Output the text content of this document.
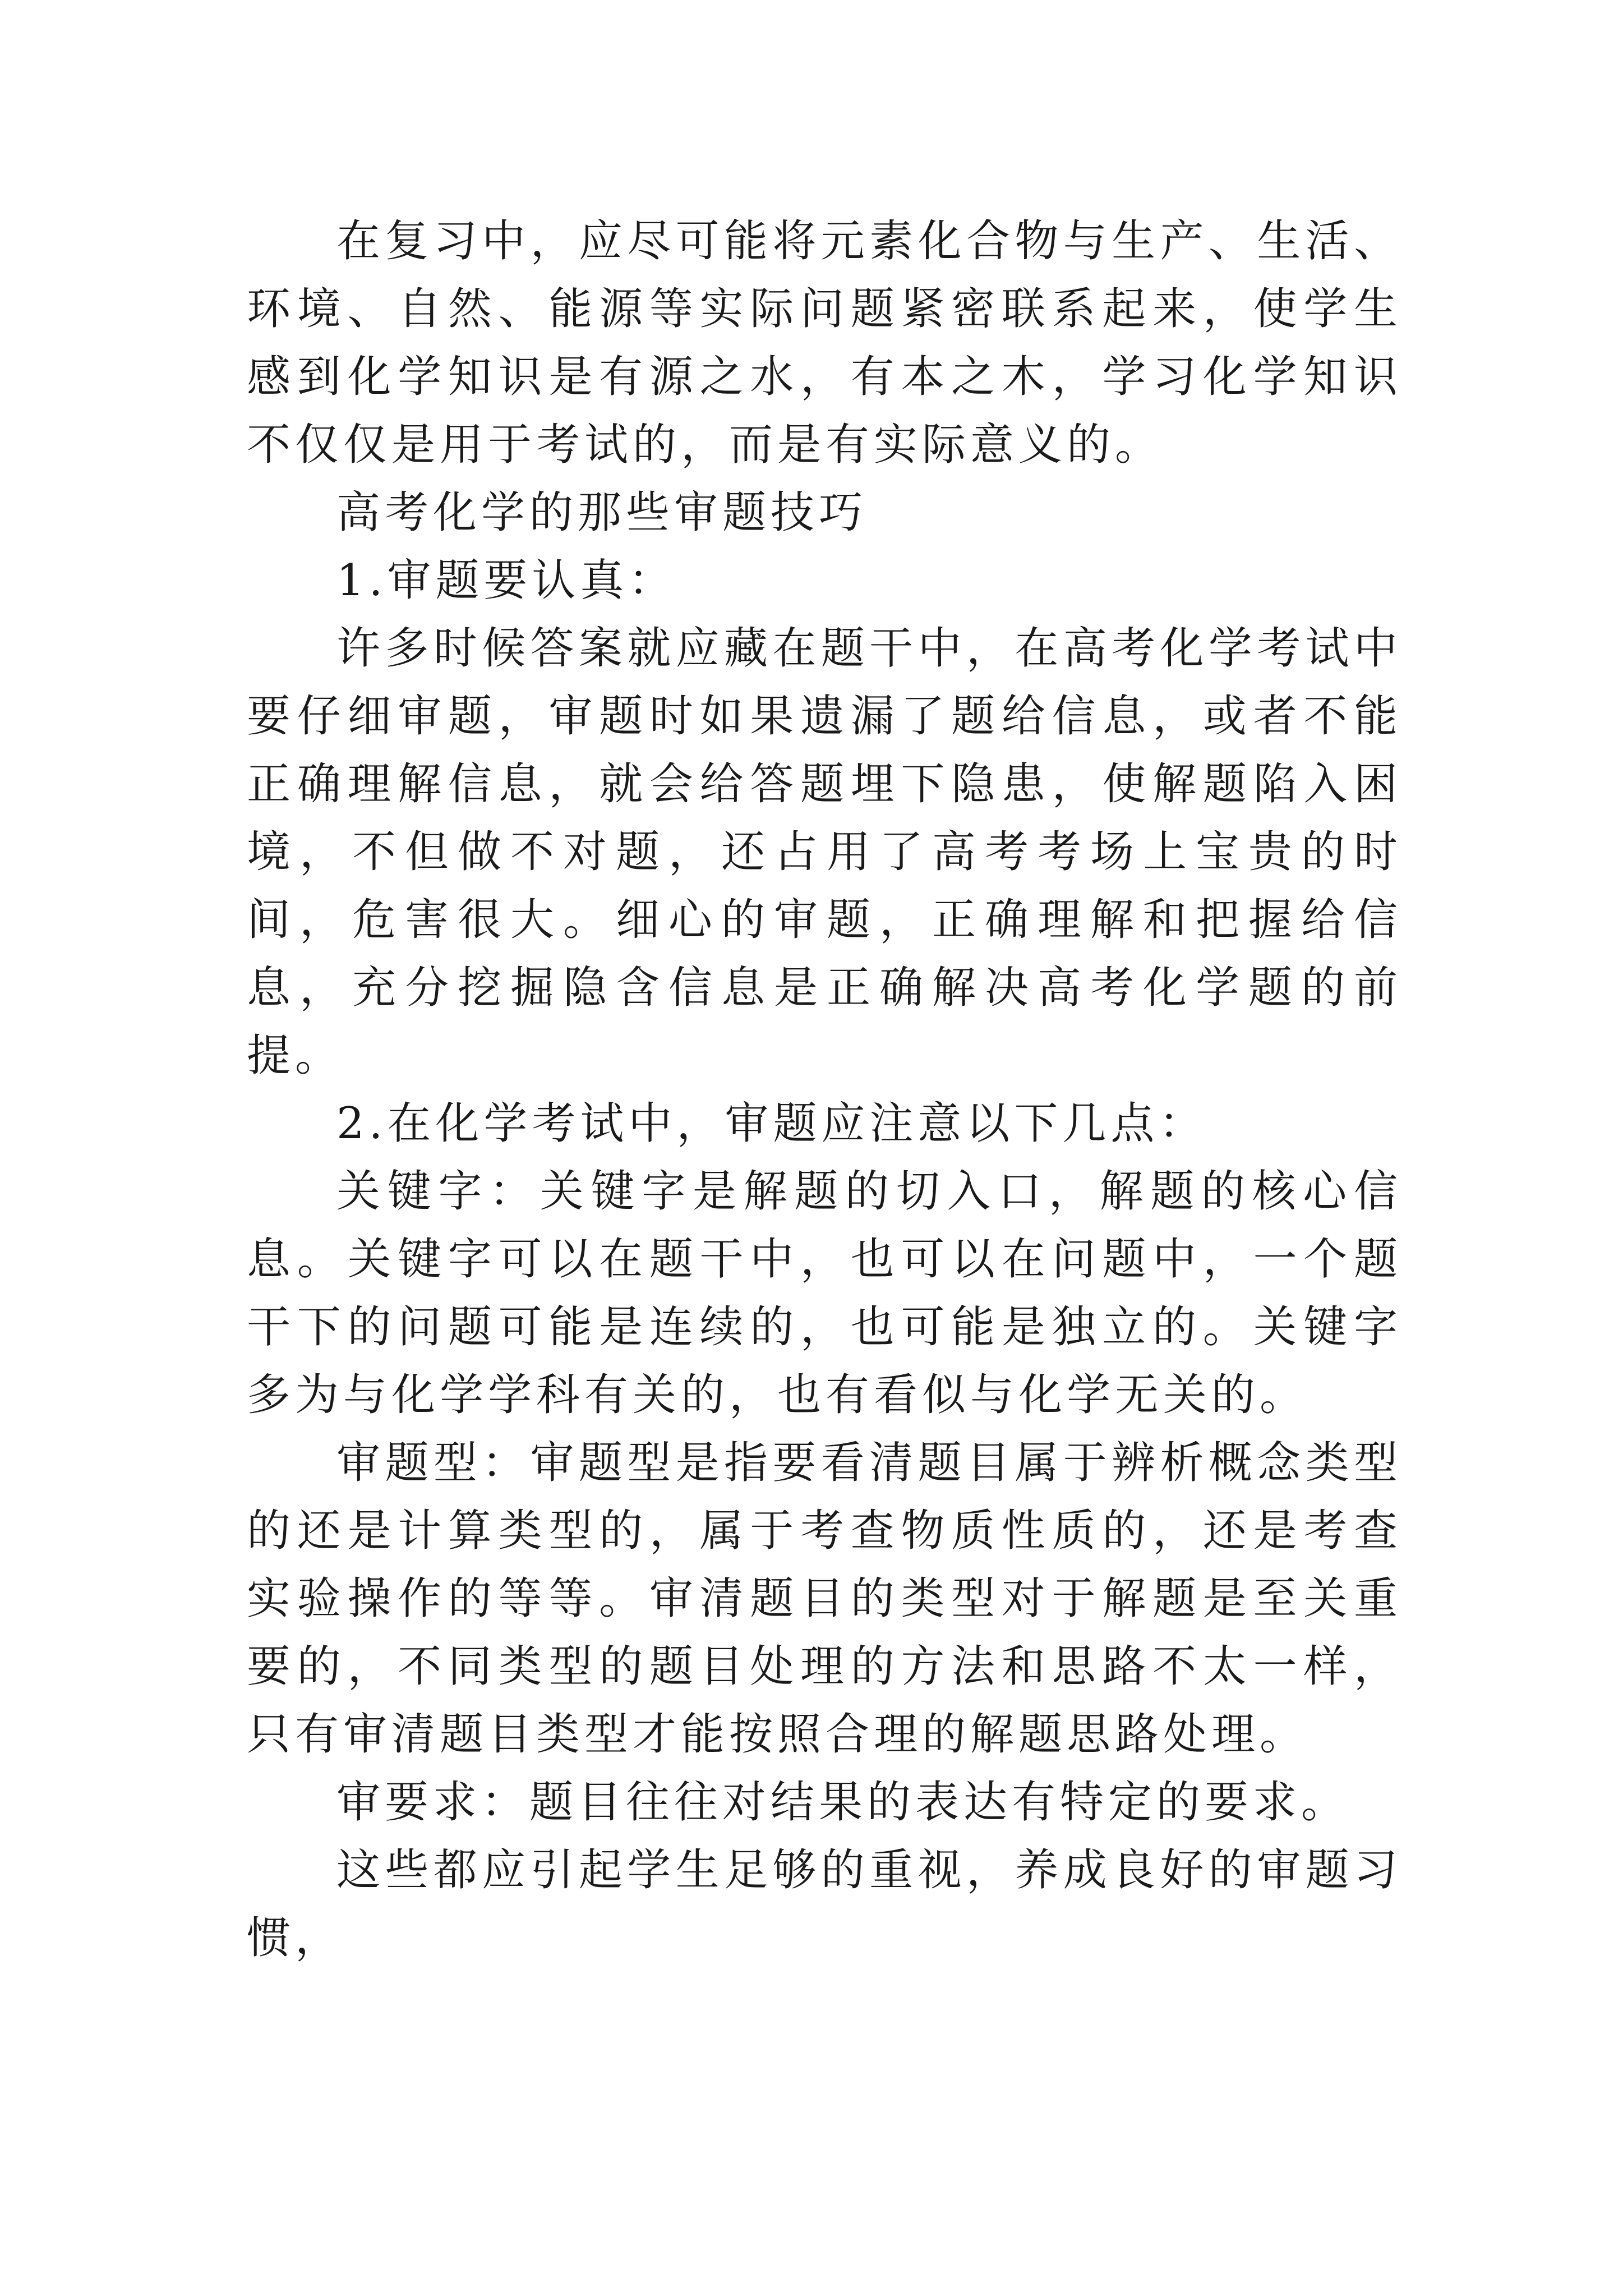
在复习中，应尽可能将元素化合物与生产、生活、环境、自然、能源等实际问题紧密联系起来，使学生感到化学知识是有源之水，有本之木，学习化学知识不仅仅是用于考试的，而是有实际意义的。

高考化学的那些审题技巧

1.审题要认真：

许多时候答案就应藏在题干中，在高考化学考试中要仔细审题，审题时如果遗漏了题给信息，或者不能正确理解信息，就会给答题埋下隐患，使解题陷入困境，不但做不对题，还占用了高考考场上宝贵的时间，危害很大。细心的审题，正确理解和把握给信息，充分挖掘隐含信息是正确解决高考化学题的前提。

2.在化学考试中，审题应注意以下几点：

关键字：关键字是解题的切入口，解题的核心信息。关键字可以在题干中，也可以在问题中，一个题干下的问题可能是连续的，也可能是独立的。关键字多为与化学学科有关的，也有看似与化学无关的。

审题型：审题型是指要看清题目属于辨析概念类型的还是计算类型的，属于考查物质性质的，还是考查实验操作的等等。审清题目的类型对于解题是至关重要的，不同类型的题目处理的方法和思路不太一样，只有审清题目类型才能按照合理的解题思路处理。

审要求：题目往往对结果的表达有特定的要求。

这些都应引起学生足够的重视，养成良好的审题习惯，
